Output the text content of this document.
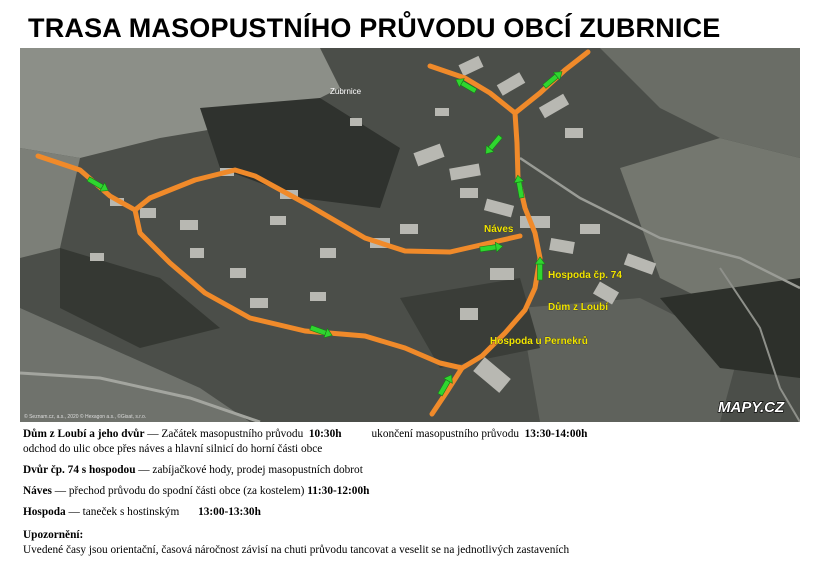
TRASA MASOPUSTNÍHO PRŮVODU OBCÍ ZUBRNICE
Zubrnice
Náves
Hospoda čp. 74
Dům z Loubí
Hospoda u Pernekrů
© Seznam.cz, a.s., 2020 © Hexagon a.s., ©Gisat, s.r.o.
MAPY.CZ

Dům z Loubí a jeho dvůr — Začátek masopustního průvodu  10:30h	ukončení masopustního průvodu  13:30-14:00h

odchod do ulic obce přes náves a hlavní silnicí do horní části obce

Dvůr čp. 74 s hospodou — zabíjačkové hody, prodej masopustních dobrot

Náves — přechod průvodu do spodní části obce (za kostelem) 11:30-12:00h

Hospoda — taneček s hostinským 13:00-13:30h

Upozornění:

Uvedené časy jsou orientační, časová náročnost závisí na chuti průvodu tancovat a veselit se na jednotlivých zastaveních
